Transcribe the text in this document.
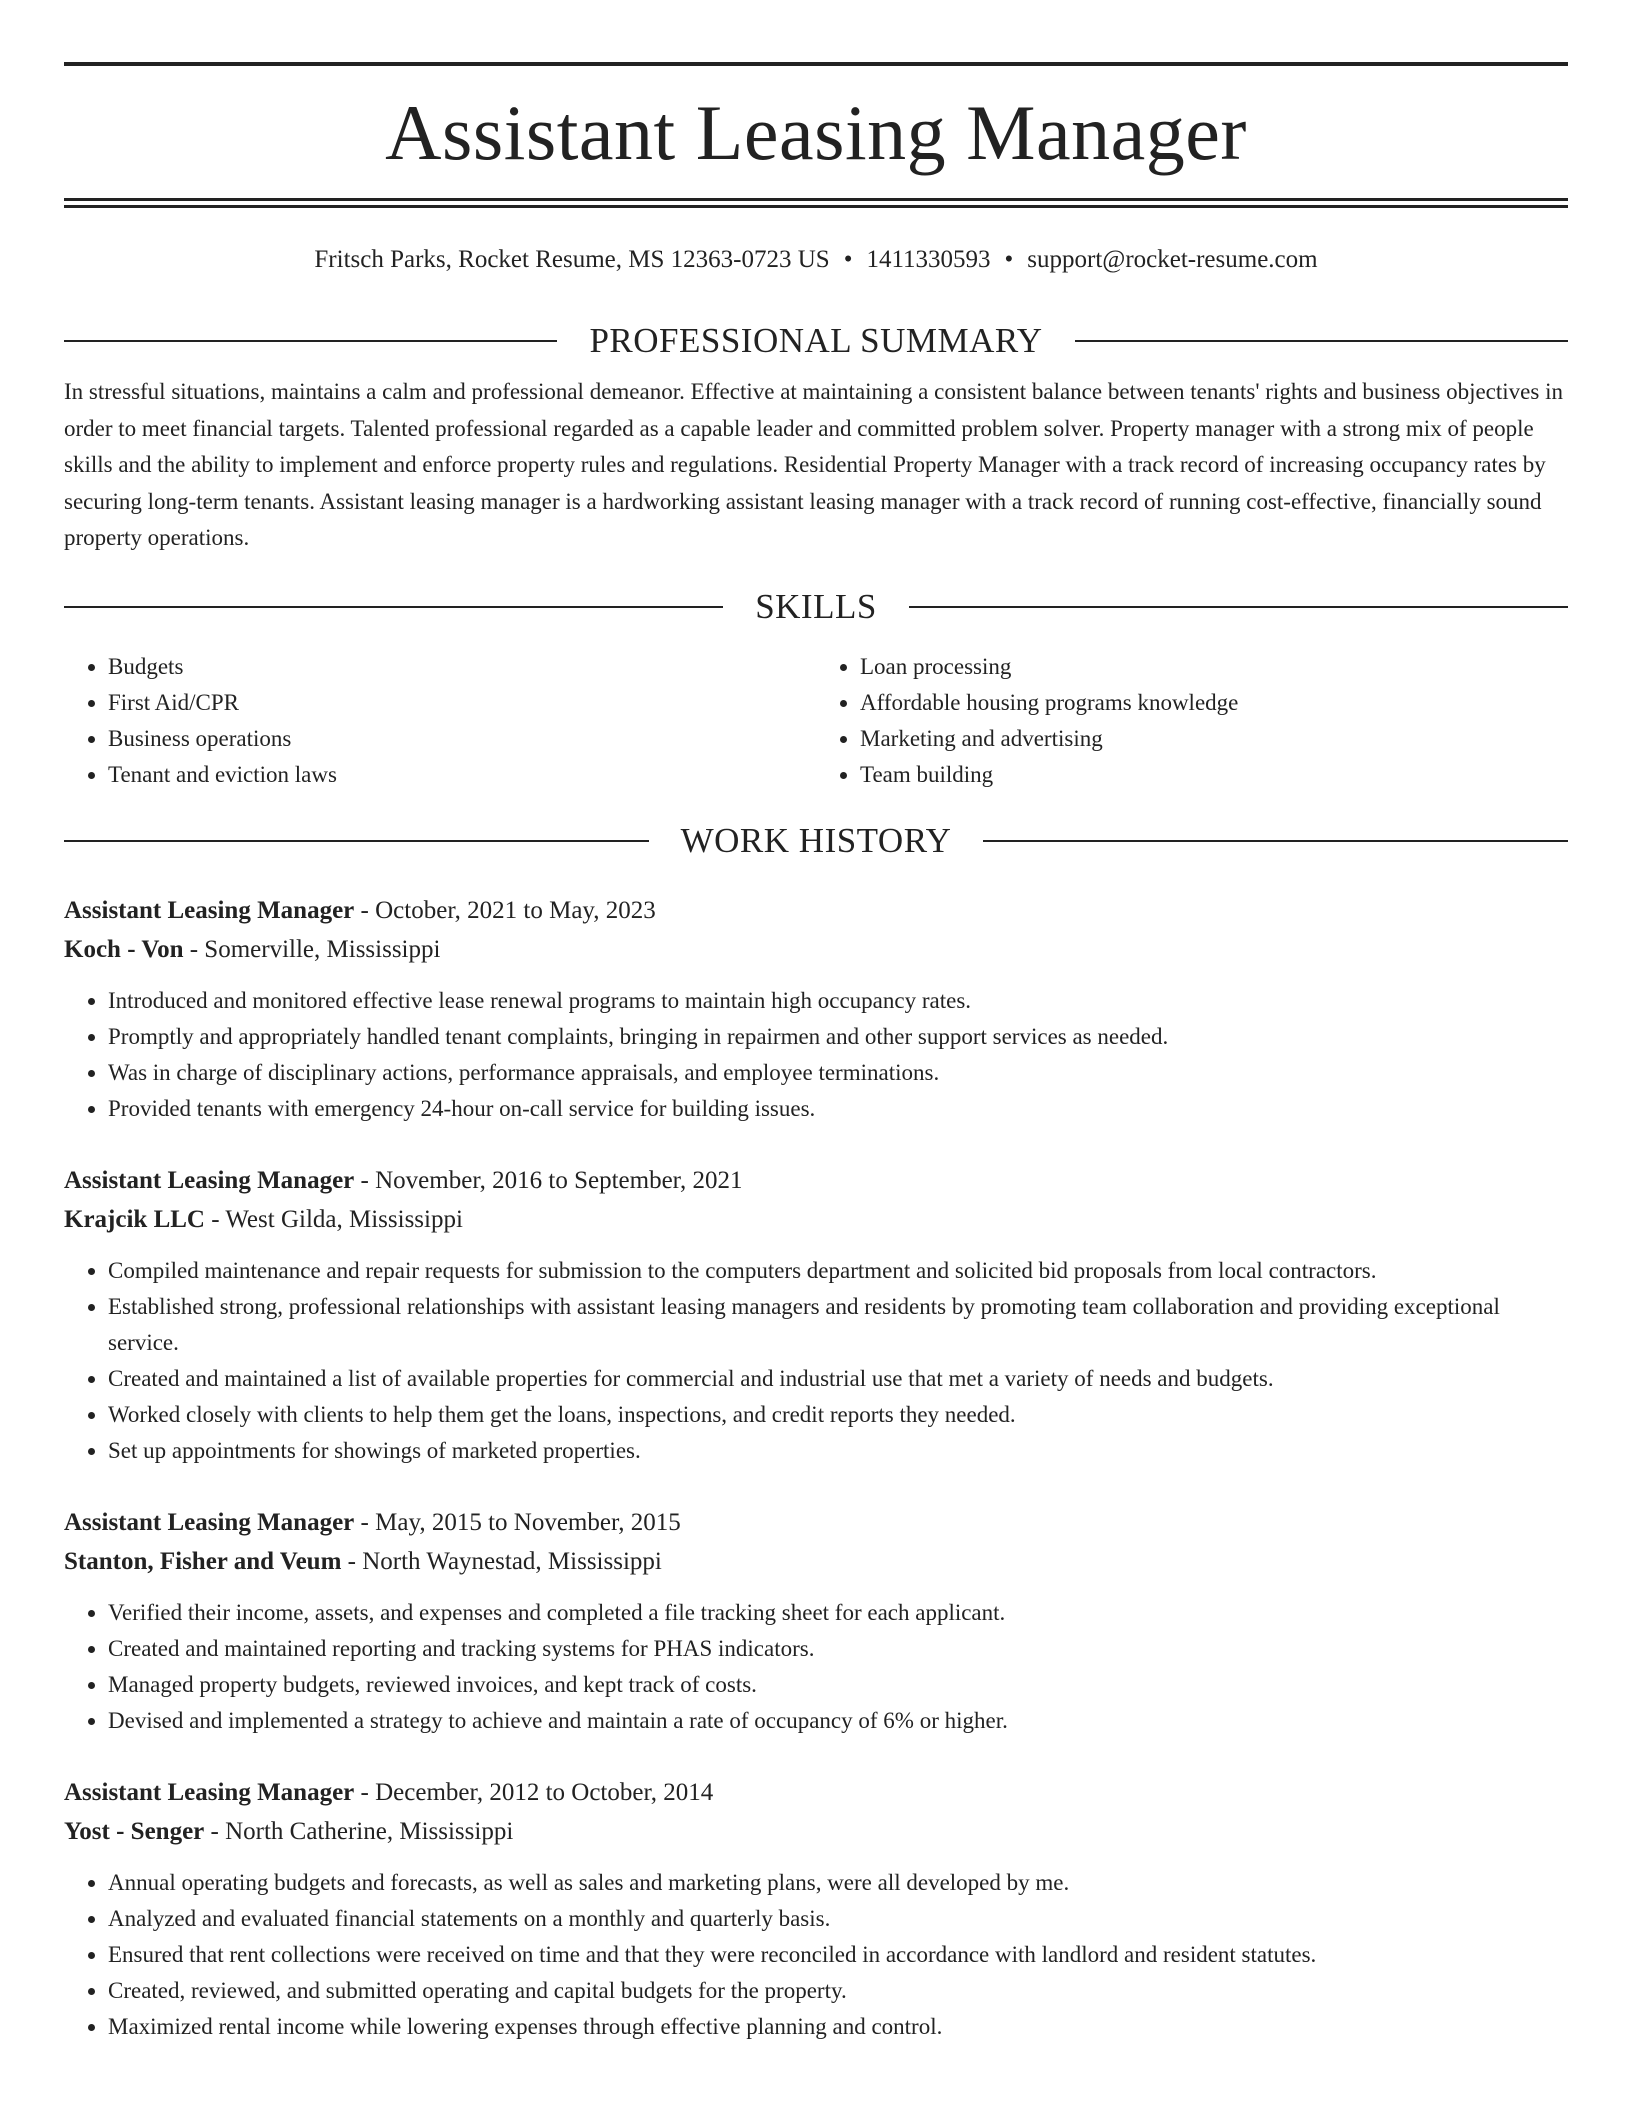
Assistant Leasing Manager
Fritsch Parks, Rocket Resume, MS 12363-0723 US • 1411330593 • support@rocket-resume.com
PROFESSIONAL SUMMARY
In stressful situations, maintains a calm and professional demeanor. Effective at maintaining a consistent balance between tenants' rights and business objectives in order to meet financial targets. Talented professional regarded as a capable leader and committed problem solver. Property manager with a strong mix of people skills and the ability to implement and enforce property rules and regulations. Residential Property Manager with a track record of increasing occupancy rates by securing long-term tenants. Assistant leasing manager is a hardworking assistant leasing manager with a track record of running cost-effective, financially sound property operations.
SKILLS
• Budgets
• First Aid/CPR
• Business operations
• Tenant and eviction laws
• Loan processing
• Affordable housing programs knowledge
• Marketing and advertising
• Team building
WORK HISTORY
Assistant Leasing Manager - October, 2021 to May, 2023
Koch - Von - Somerville, Mississippi
• Introduced and monitored effective lease renewal programs to maintain high occupancy rates.
• Promptly and appropriately handled tenant complaints, bringing in repairmen and other support services as needed.
• Was in charge of disciplinary actions, performance appraisals, and employee terminations.
• Provided tenants with emergency 24-hour on-call service for building issues.
Assistant Leasing Manager - November, 2016 to September, 2021
Krajcik LLC - West Gilda, Mississippi
• Compiled maintenance and repair requests for submission to the computers department and solicited bid proposals from local contractors.
• Established strong, professional relationships with assistant leasing managers and residents by promoting team collaboration and providing exceptional service.
• Created and maintained a list of available properties for commercial and industrial use that met a variety of needs and budgets.
• Worked closely with clients to help them get the loans, inspections, and credit reports they needed.
• Set up appointments for showings of marketed properties.
Assistant Leasing Manager - May, 2015 to November, 2015
Stanton, Fisher and Veum - North Waynestad, Mississippi
• Verified their income, assets, and expenses and completed a file tracking sheet for each applicant.
• Created and maintained reporting and tracking systems for PHAS indicators.
• Managed property budgets, reviewed invoices, and kept track of costs.
• Devised and implemented a strategy to achieve and maintain a rate of occupancy of 6% or higher.
Assistant Leasing Manager - December, 2012 to October, 2014
Yost - Senger - North Catherine, Mississippi
• Annual operating budgets and forecasts, as well as sales and marketing plans, were all developed by me.
• Analyzed and evaluated financial statements on a monthly and quarterly basis.
• Ensured that rent collections were received on time and that they were reconciled in accordance with landlord and resident statutes.
• Created, reviewed, and submitted operating and capital budgets for the property.
• Maximized rental income while lowering expenses through effective planning and control.
